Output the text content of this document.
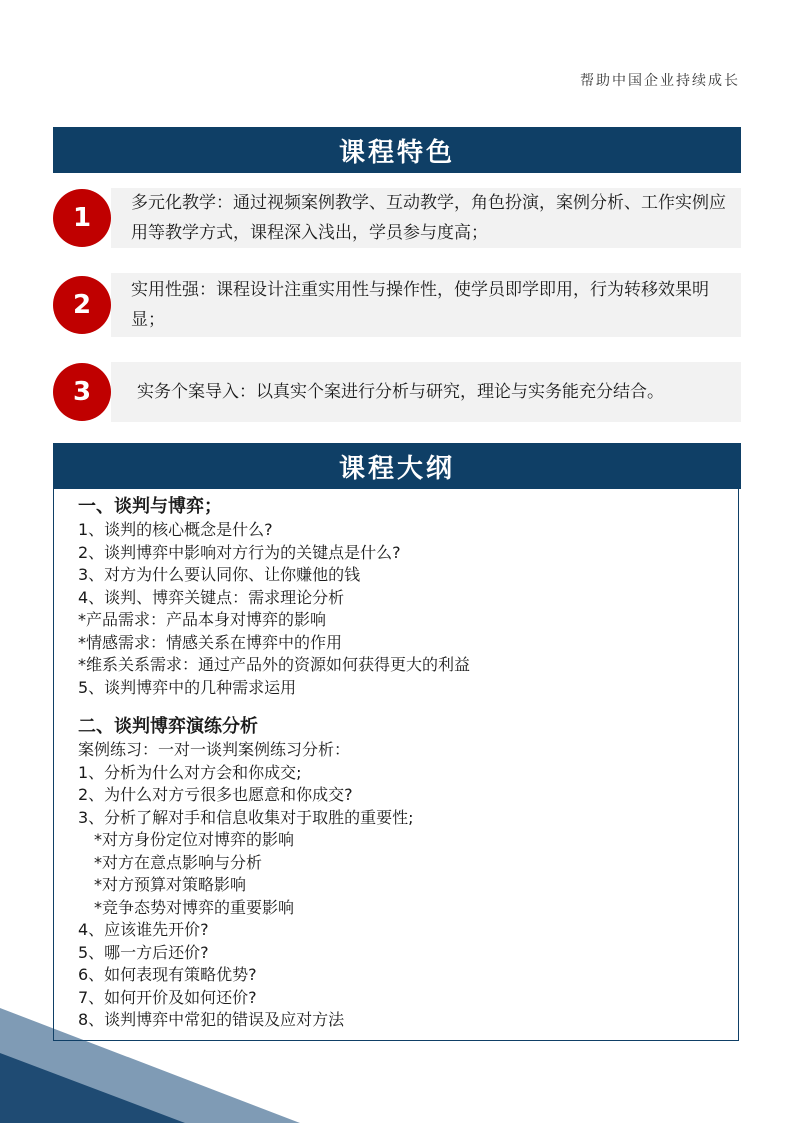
帮助中国企业持续成长
课程特色
1	多元化教学：通过视频案例教学、互动教学，角色扮演，案例分析、工作实例应用等教学方式，课程深入浅出，学员参与度高；
2	实用性强：课程设计注重实用性与操作性，使学员即学即用，行为转移效果明显；
3	实务个案导入：以真实个案进行分析与研究，理论与实务能充分结合。
课程大纲
一、谈判与博弈；
1、谈判的核心概念是什么?
2、谈判博弈中影响对方行为的关键点是什么?
3、对方为什么要认同你、让你赚他的钱
4、谈判、博弈关键点：需求理论分析
*产品需求：产品本身对博弈的影响
*情感需求：情感关系在博弈中的作用
*维系关系需求：通过产品外的资源如何获得更大的利益
5、谈判博弈中的几种需求运用
二、谈判博弈演练分析
案例练习：一对一谈判案例练习分析：
1、分析为什么对方会和你成交;
2、为什么对方亏很多也愿意和你成交?
3、分析了解对手和信息收集对于取胜的重要性;
*对方身份定位对博弈的影响
*对方在意点影响与分析
*对方预算对策略影响
*竞争态势对博弈的重要影响
4、应该谁先开价?
5、哪一方后还价?
6、如何表现有策略优势?
7、如何开价及如何还价?
8、谈判博弈中常犯的错误及应对方法
